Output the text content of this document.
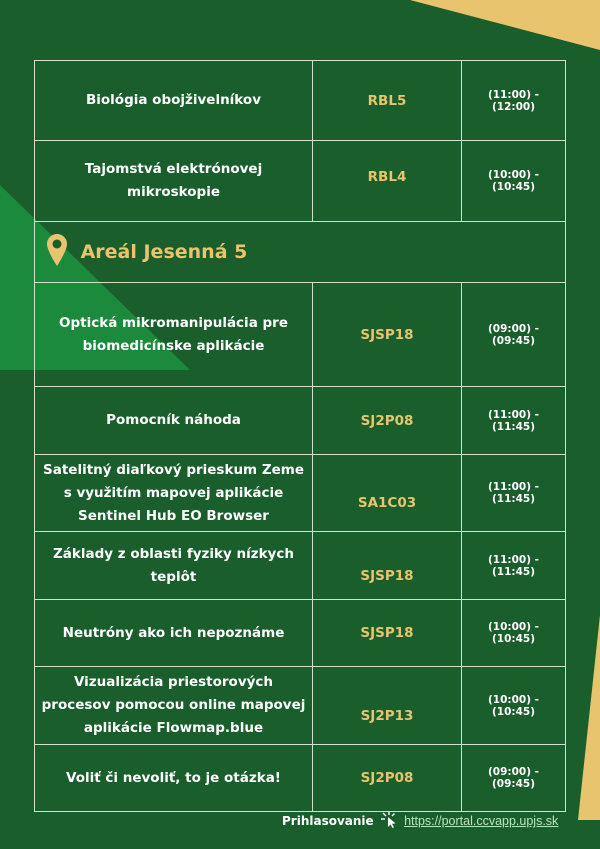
Biológia obojživelníkov	RBL5	(11:00) - (12:00)
Tajomstvá elektrónovej mikroskopie	RBL4	(10:00) - (10:45)
Areál Jesenná 5		
Optická mikromanipulácia pre biomedicínske aplikácie	SJSP18	(09:00) - (09:45)
Pomocník náhoda	SJ2P08	(11:00) - (11:45)
Satelitný diaľkový prieskum Zeme s využitím mapovej aplikácie Sentinel Hub EO Browser	SA1C03	(11:00) - (11:45)
Základy z oblasti fyziky nízkych teplôt	SJSP18	(11:00) - (11:45)
Neutróny ako ich nepoznáme	SJSP18	(10:00) - (10:45)
Vizualizácia priestorových procesov pomocou online mapovej aplikácie Flowmap.blue	SJ2P13	(10:00) - (10:45)
Voliť či nevoliť, to je otázka!	SJ2P08	(09:00) - (09:45)
Prihlasovanie https://portal.ccvapp.upjs.sk
